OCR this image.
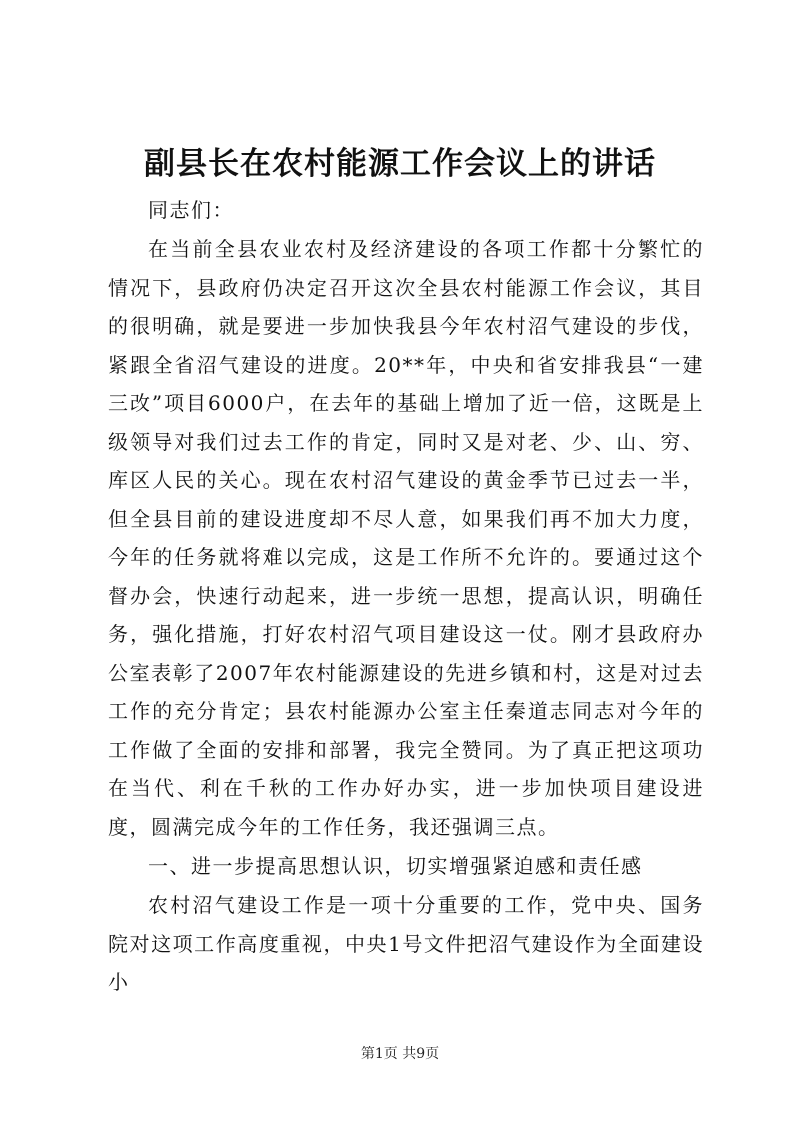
副县长在农村能源工作会议上的讲话
同志们：
在当前全县农业农村及经济建设的各项工作都十分繁忙的情况下，县政府仍决定召开这次全县农村能源工作会议，其目的很明确，就是要进一步加快我县今年农村沼气建设的步伐，紧跟全省沼气建设的进度。20**年，中央和省安排我县“一建三改”项目6000户，在去年的基础上增加了近一倍，这既是上级领导对我们过去工作的肯定，同时又是对老、少、山、穷、库区人民的关心。现在农村沼气建设的黄金季节已过去一半，但全县目前的建设进度却不尽人意，如果我们再不加大力度，今年的任务就将难以完成，这是工作所不允许的。要通过这个督办会，快速行动起来，进一步统一思想，提高认识，明确任务，强化措施，打好农村沼气项目建设这一仗。刚才县政府办公室表彰了2007年农村能源建设的先进乡镇和村，这是对过去工作的充分肯定；县农村能源办公室主任秦道志同志对今年的工作做了全面的安排和部署，我完全赞同。为了真正把这项功在当代、利在千秋的工作办好办实，进一步加快项目建设进度，圆满完成今年的工作任务，我还强调三点。
一、进一步提高思想认识，切实增强紧迫感和责任感
农村沼气建设工作是一项十分重要的工作，党中央、国务院对这项工作高度重视，中央1号文件把沼气建设作为全面建设小
第1页 共9页
